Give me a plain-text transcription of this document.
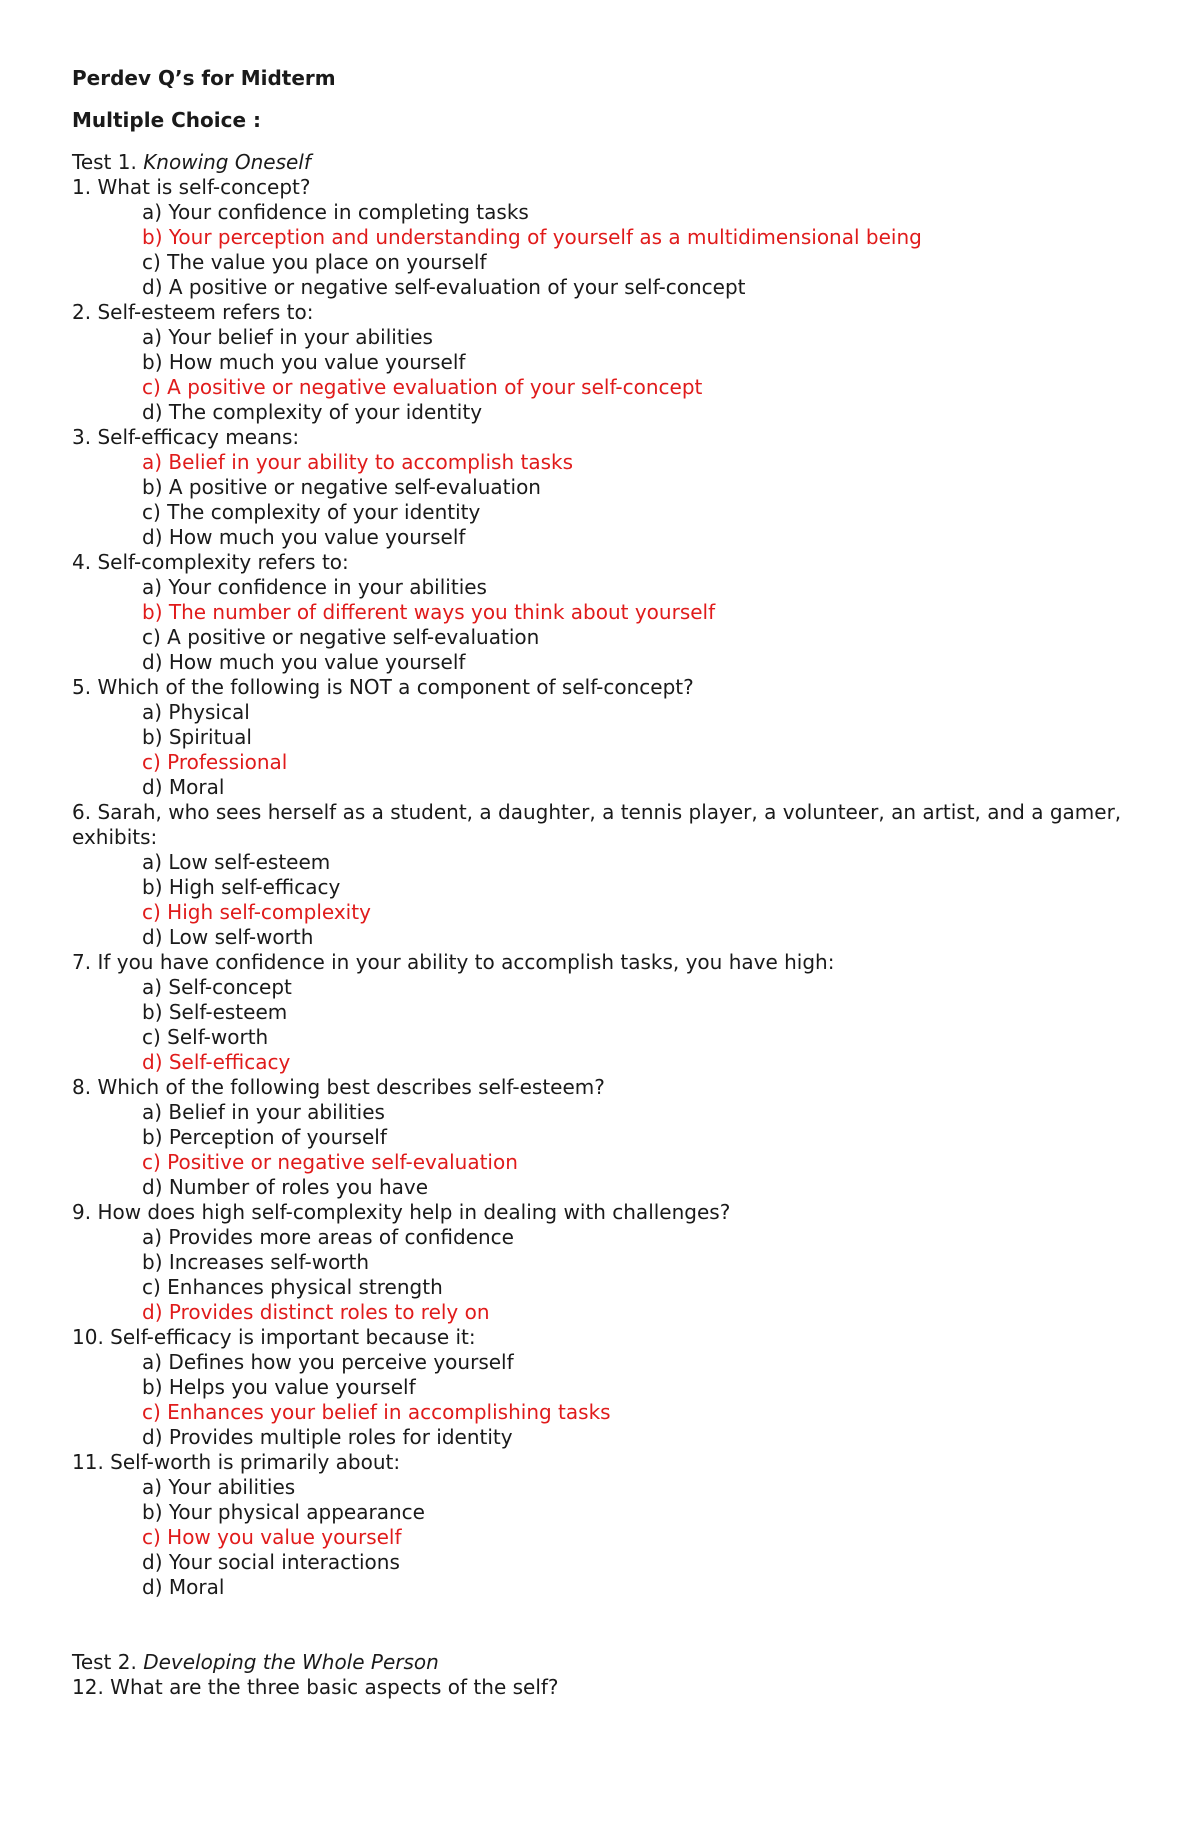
Perdev Q’s for Midterm
Multiple Choice :
Test 1. Knowing Oneself
1. What is self-concept?
a) Your confidence in completing tasks
b) Your perception and understanding of yourself as a multidimensional being
c) The value you place on yourself
d) A positive or negative self-evaluation of your self-concept
2. Self-esteem refers to:
a) Your belief in your abilities
b) How much you value yourself
c) A positive or negative evaluation of your self-concept
d) The complexity of your identity
3. Self-efficacy means:
a) Belief in your ability to accomplish tasks
b) A positive or negative self-evaluation
c) The complexity of your identity
d) How much you value yourself
4. Self-complexity refers to:
a) Your confidence in your abilities
b) The number of different ways you think about yourself
c) A positive or negative self-evaluation
d) How much you value yourself
5. Which of the following is NOT a component of self-concept?
a) Physical
b) Spiritual
c) Professional
d) Moral
6. Sarah, who sees herself as a student, a daughter, a tennis player, a volunteer, an artist, and a gamer, exhibits:
a) Low self-esteem
b) High self-efficacy
c) High self-complexity
d) Low self-worth
7. If you have confidence in your ability to accomplish tasks, you have high:
a) Self-concept
b) Self-esteem
c) Self-worth
d) Self-efficacy
8. Which of the following best describes self-esteem?
a) Belief in your abilities
b) Perception of yourself
c) Positive or negative self-evaluation
d) Number of roles you have
9. How does high self-complexity help in dealing with challenges?
a) Provides more areas of confidence
b) Increases self-worth
c) Enhances physical strength
d) Provides distinct roles to rely on
10. Self-efficacy is important because it:
a) Defines how you perceive yourself
b) Helps you value yourself
c) Enhances your belief in accomplishing tasks
d) Provides multiple roles for identity
11. Self-worth is primarily about:
a) Your abilities
b) Your physical appearance
c) How you value yourself
d) Your social interactions
d) Moral
Test 2. Developing the Whole Person
12. What are the three basic aspects of the self?
